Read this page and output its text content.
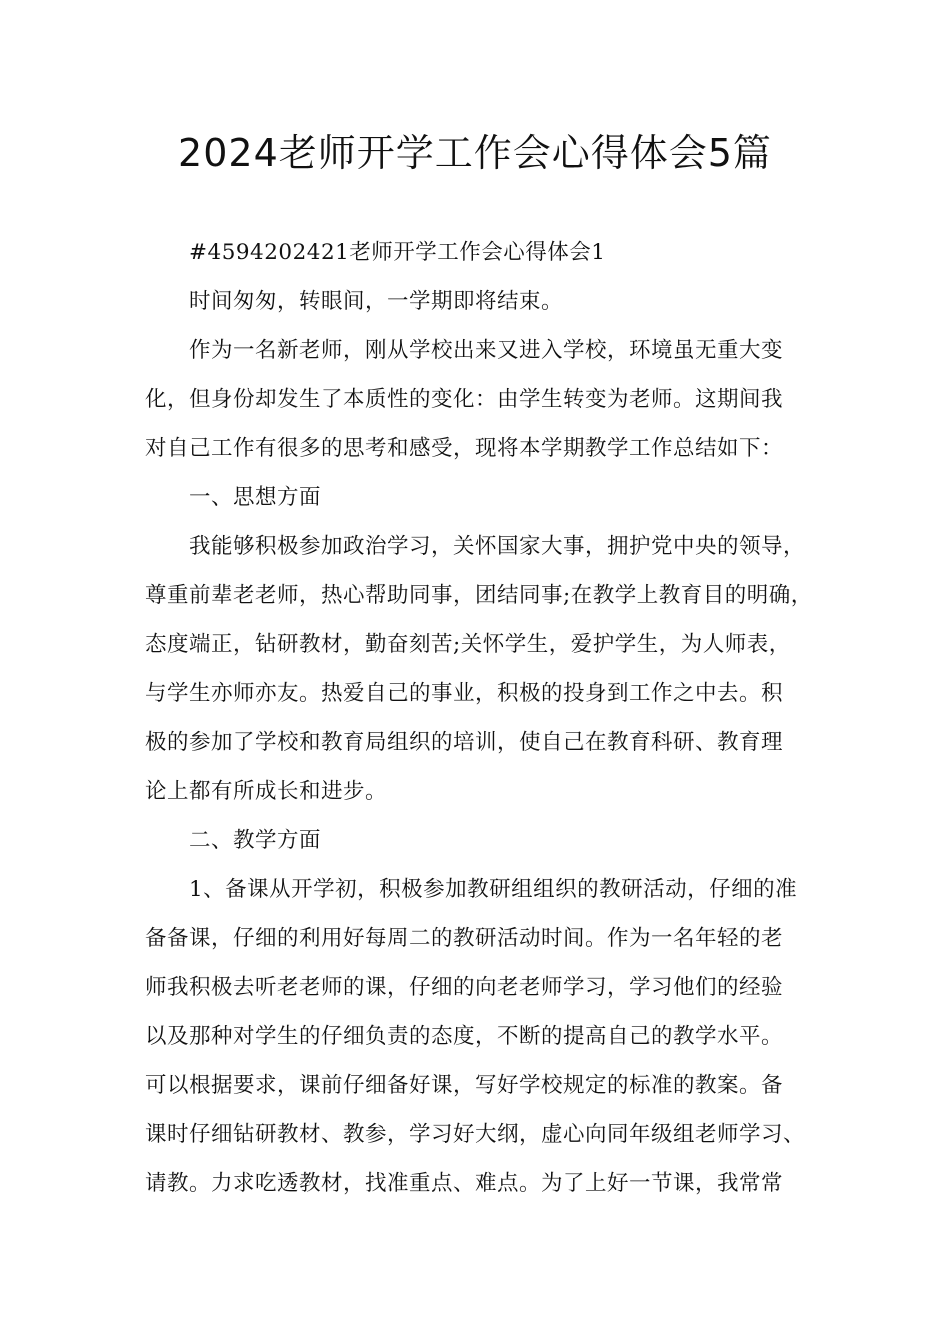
2024老师开学工作会心得体会5篇
#4594202421老师开学工作会心得体会1
时间匆匆，转眼间，一学期即将结束。
作为一名新老师，刚从学校出来又进入学校，环境虽无重大变
化，但身份却发生了本质性的变化：由学生转变为老师。这期间我
对自己工作有很多的思考和感受，现将本学期教学工作总结如下：
一、思想方面
我能够积极参加政治学习，关怀国家大事，拥护党中央的领导，
尊重前辈老老师，热心帮助同事，团结同事;在教学上教育目的明确，
态度端正，钻研教材，勤奋刻苦;关怀学生，爱护学生，为人师表，
与学生亦师亦友。热爱自己的事业，积极的投身到工作之中去。积
极的参加了学校和教育局组织的培训，使自己在教育科研、教育理
论上都有所成长和进步。
二、教学方面
1、备课从开学初，积极参加教研组组织的教研活动，仔细的准
备备课，仔细的利用好每周二的教研活动时间。作为一名年轻的老
师我积极去听老老师的课，仔细的向老老师学习，学习他们的经验
以及那种对学生的仔细负责的态度，不断的提高自己的教学水平。
可以根据要求，课前仔细备好课，写好学校规定的标准的教案。备
课时仔细钻研教材、教参，学习好大纲，虚心向同年级组老师学习、
请教。力求吃透教材，找准重点、难点。为了上好一节课，我常常
